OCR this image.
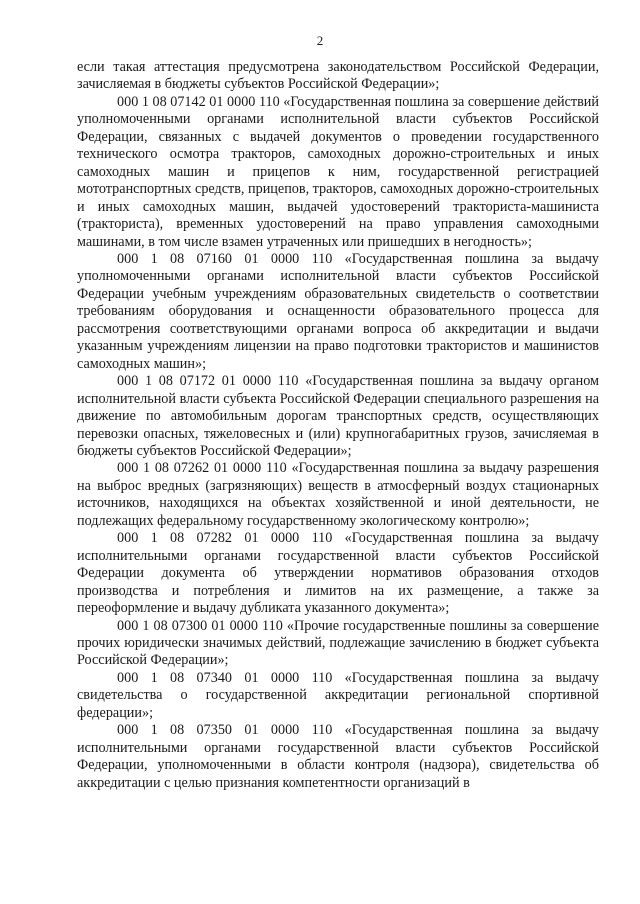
2

если такая аттестация предусмотрена законодательством Российской Федерации, зачисляемая в бюджеты субъектов Российской Федерации»;

000 1 08 07142 01 0000 110 «Государственная пошлина за совершение действий уполномоченными органами исполнительной власти субъектов Российской Федерации, связанных с выдачей документов о проведении государственного технического осмотра тракторов, самоходных дорожно-строительных и иных самоходных машин и прицепов к ним, государственной регистрацией мототранспортных средств, прицепов, тракторов, самоходных дорожно-строительных и иных самоходных машин, выдачей удостоверений тракториста-машиниста (тракториста), временных удостоверений на право управления самоходными машинами, в том числе взамен утраченных или пришедших в негодность»;

000 1 08 07160 01 0000 110 «Государственная пошлина за выдачу уполномоченными органами исполнительной власти субъектов Российской Федерации учебным учреждениям образовательных свидетельств о соответствии требованиям оборудования и оснащенности образовательного процесса для рассмотрения соответствующими органами вопроса об аккредитации и выдачи указанным учреждениям лицензии на право подготовки трактористов и машинистов самоходных машин»;

000 1 08 07172 01 0000 110 «Государственная пошлина за выдачу органом исполнительной власти субъекта Российской Федерации специального разрешения на движение по автомобильным дорогам транспортных средств, осуществляющих перевозки опасных, тяжеловесных и (или) крупногабаритных грузов, зачисляемая в бюджеты субъектов Российской Федерации»;

000 1 08 07262 01 0000 110 «Государственная пошлина за выдачу разрешения на выброс вредных (загрязняющих) веществ в атмосферный воздух стационарных источников, находящихся на объектах хозяйственной и иной деятельности, не подлежащих федеральному государственному экологическому контролю»;

000 1 08 07282 01 0000 110 «Государственная пошлина за выдачу исполнительными органами государственной власти субъектов Российской Федерации документа об утверждении нормативов образования отходов производства и потребления и лимитов на их размещение, а также за переоформление и выдачу дубликата указанного документа»;

000 1 08 07300 01 0000 110 «Прочие государственные пошлины за совершение прочих юридически значимых действий, подлежащие зачислению в бюджет субъекта Российской Федерации»;

000 1 08 07340 01 0000 110 «Государственная пошлина за выдачу свидетельства о государственной аккредитации региональной спортивной федерации»;

000 1 08 07350 01 0000 110 «Государственная пошлина за выдачу исполнительными органами государственной власти субъектов Российской Федерации, уполномоченными в области контроля (надзора), свидетельства об аккредитации с целью признания компетентности организаций в
